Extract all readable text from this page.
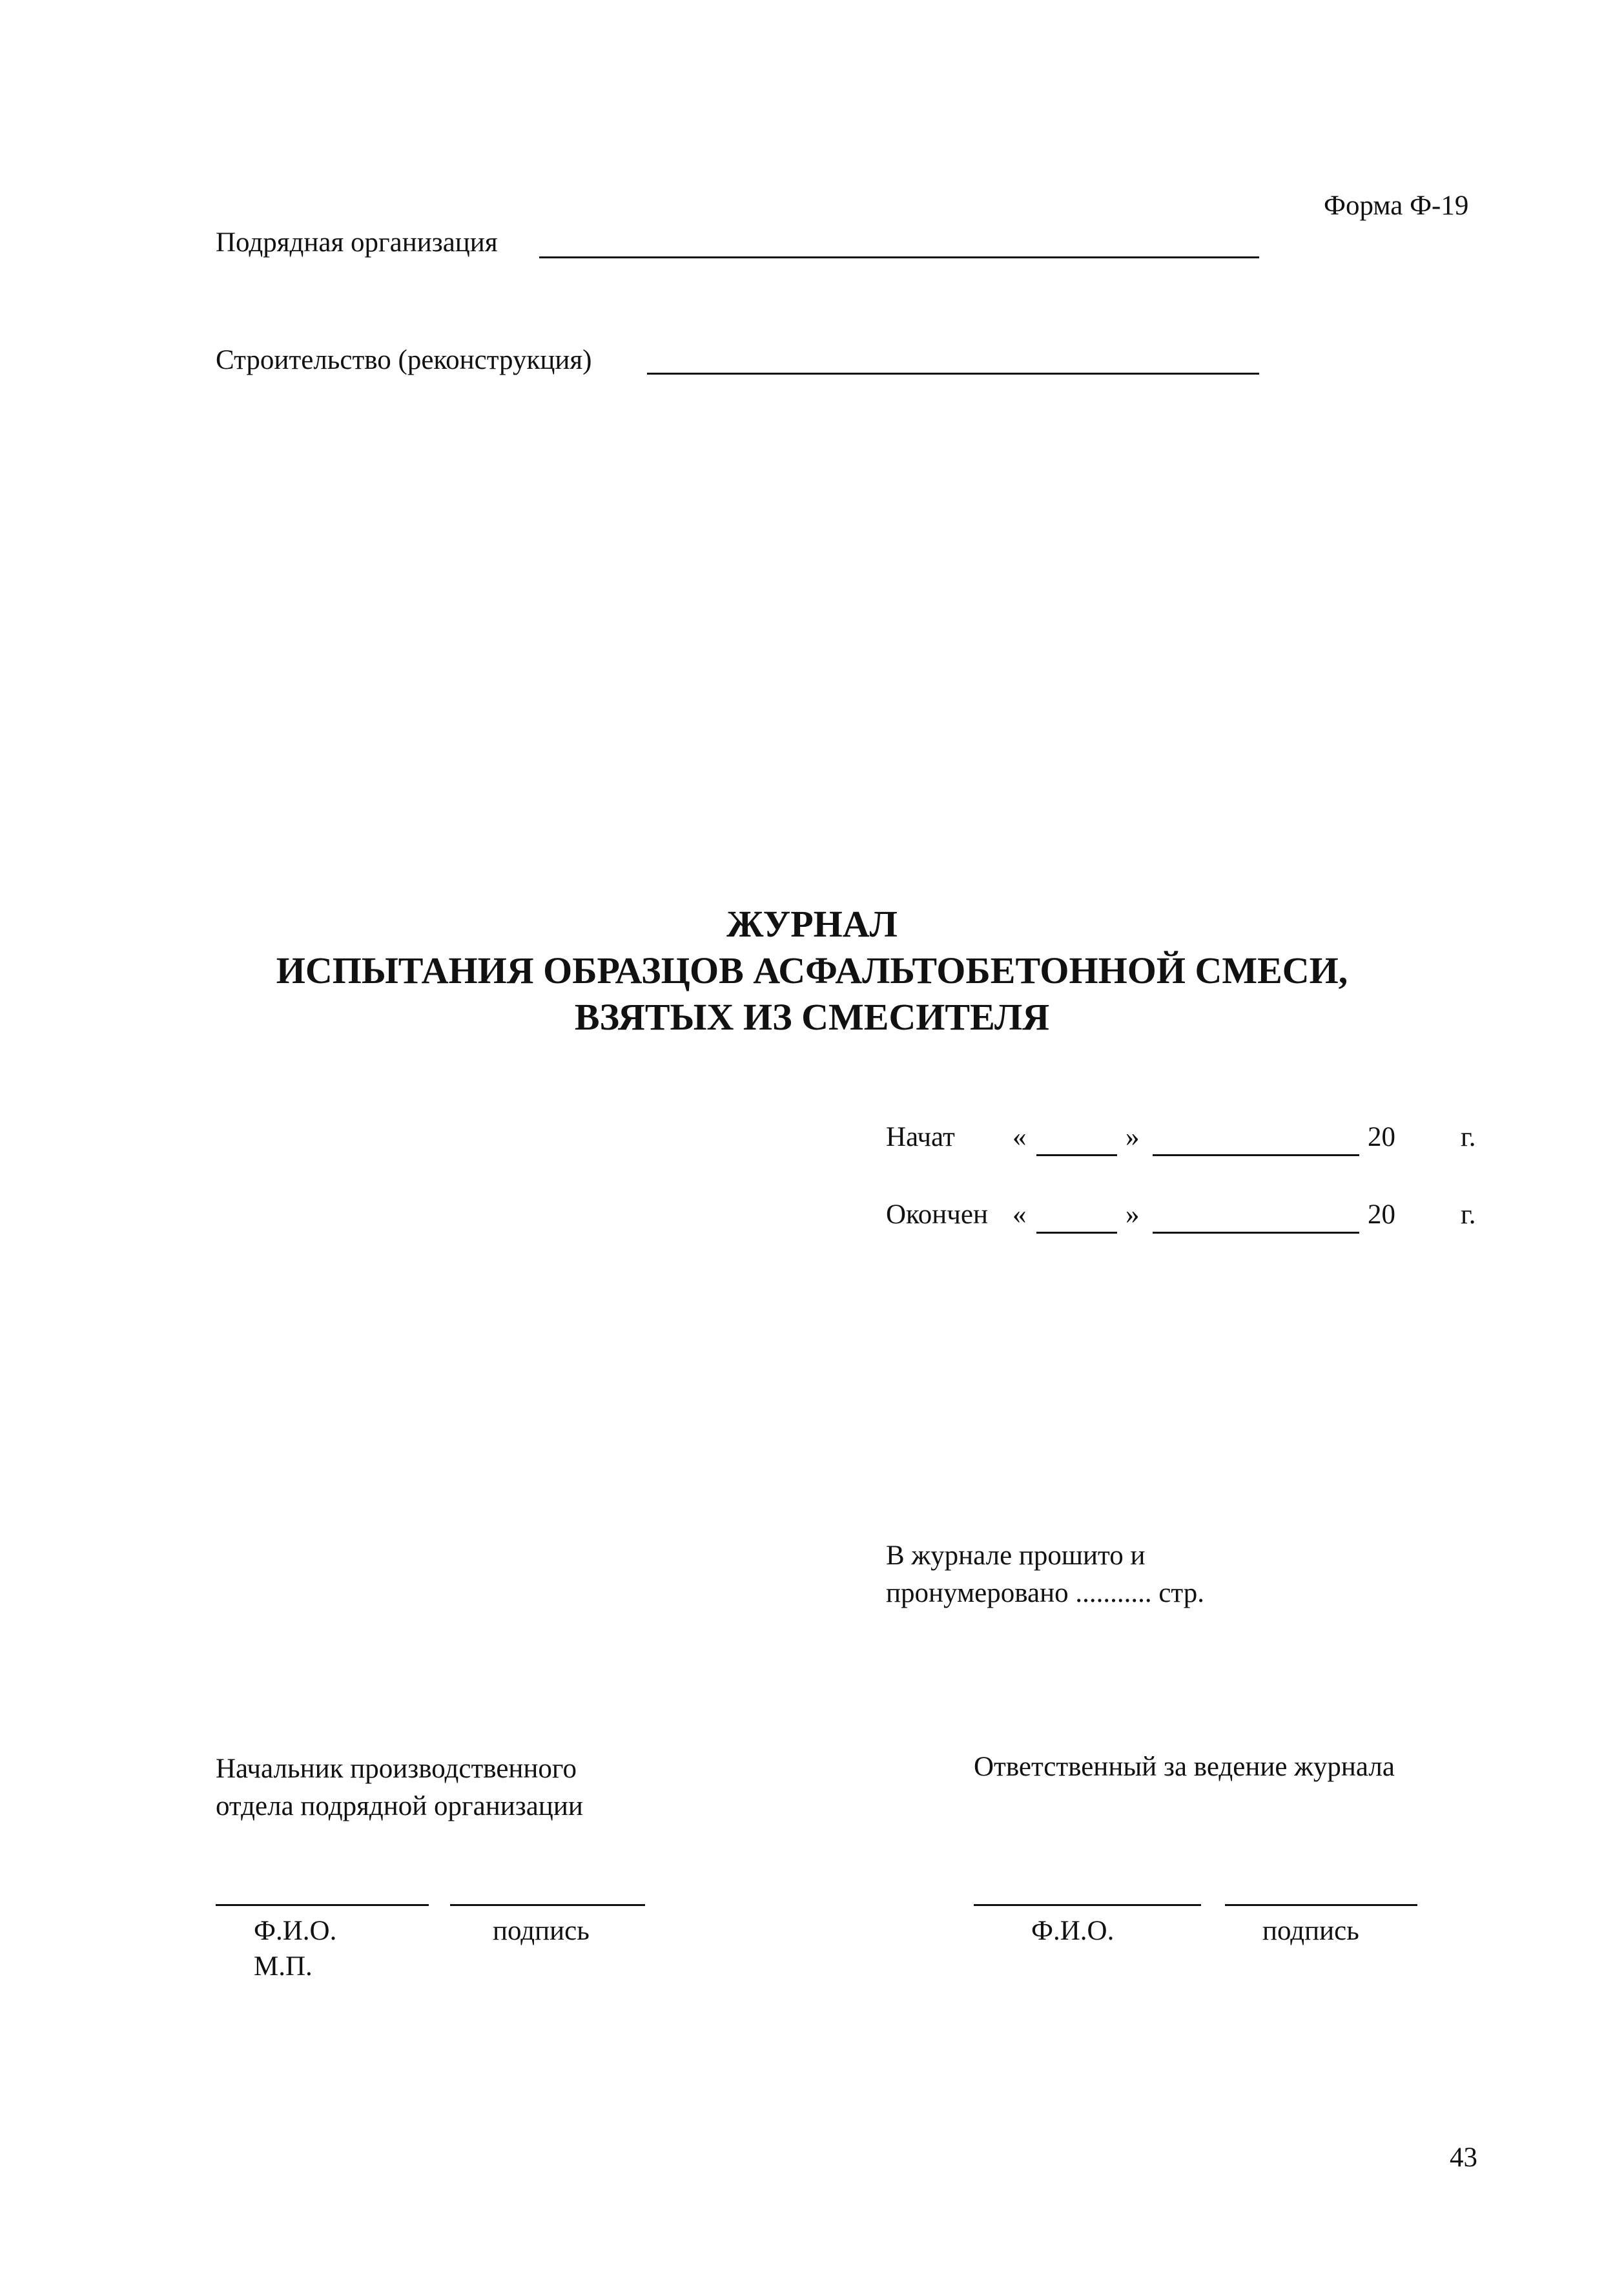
Форма Ф-19
Подрядная организация
Строительство (реконструкция)
ЖУРНАЛ
ИСПЫТАНИЯ ОБРАЗЦОВ АСФАЛЬТОБЕТОННОЙ СМЕСИ,
ВЗЯТЫХ ИЗ СМЕСИТЕЛЯ
Начат «	»	20 г.
Окончен «	»	20 г.
В журнале прошито и
пронумеровано ........... стр.
Начальник производственного
отдела подрядной организации
Ф.И.О.	подпись
М.П.
Ответственный за ведение журнала
Ф.И.О.	подпись
43
